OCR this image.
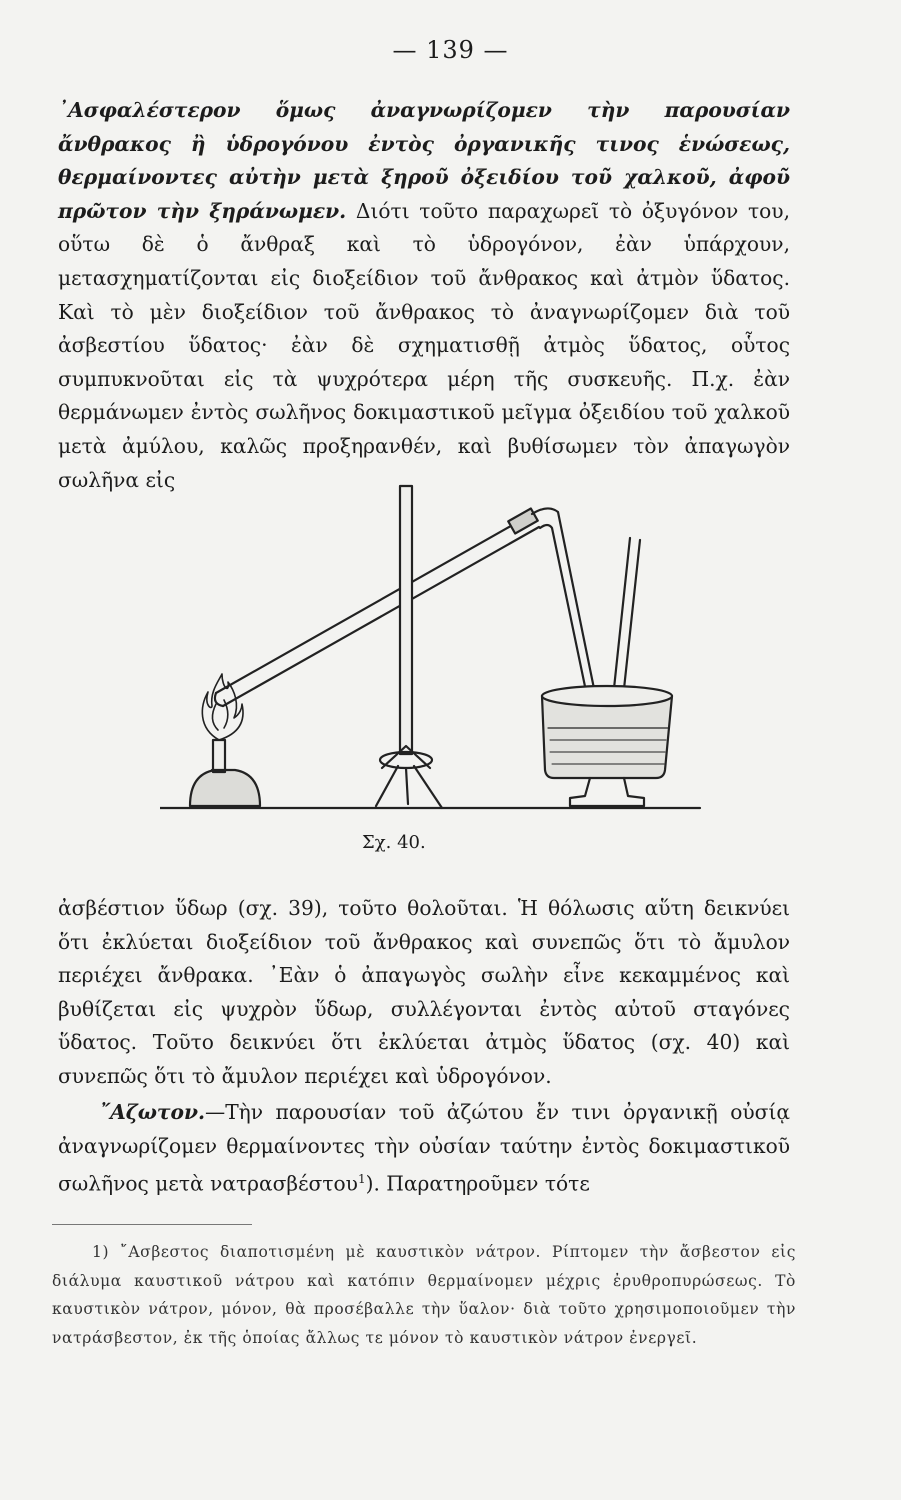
— 139 —

᾿Ασφαλέστερον ὅμως ἀναγνωρίζομεν τὴν παρουσίαν ἄνθρακος ἢ ὑδρογόνου ἐντὸς ὀργανικῆς τινος ἑνώσεως, θερμαίνοντες αὐτὴν μετὰ ξηροῦ ὀξειδίου τοῦ χαλκοῦ, ἀφοῦ πρῶτον τὴν ξηράνωμεν. Διότι τοῦτο παραχωρεῖ τὸ ὀξυγόνον του, οὕτω δὲ ὁ ἄνθραξ καὶ τὸ ὑδρογόνον, ἐὰν ὑπάρχουν, μετασχηματίζονται εἰς διοξείδιον τοῦ ἄνθρακος καὶ ἀτμὸν ὕδατος. Καὶ τὸ μὲν διοξείδιον τοῦ ἄνθρακος τὸ ἀναγνωρίζομεν διὰ τοῦ ἀσβεστίου ὕδατος· ἐὰν δὲ σχηματισθῇ ἀτμὸς ὕδατος, οὗτος συμπυκνοῦται εἰς τὰ ψυχρότερα μέρη τῆς συσκευῆς. Π.χ. ἐὰν θερμάνωμεν ἐντὸς σωλῆνος δοκιμαστικοῦ μεῖγμα ὀξειδίου τοῦ χαλκοῦ μετὰ ἀμύλου, καλῶς προξηρανθέν, καὶ βυθίσωμεν τὸν ἀπαγωγὸν σωλῆνα εἰς

Σχ. 40.

ἀσβέστιον ὕδωρ (σχ. 39), τοῦτο θολοῦται. Ἡ θόλωσις αὕτη δεικνύει ὅτι ἐκλύεται διοξείδιον τοῦ ἄνθρακος καὶ συνεπῶς ὅτι τὸ ἄμυλον περιέχει ἄνθρακα. ᾿Εὰν ὁ ἀπαγωγὸς σωλὴν εἶνε κεκαμμένος καὶ βυθίζεται εἰς ψυχρὸν ὕδωρ, συλλέγονται ἐντὸς αὐτοῦ σταγόνες ὕδατος. Τοῦτο δεικνύει ὅτι ἐκλύεται ἀτμὸς ὕδατος (σχ. 40) καὶ συνεπῶς ὅτι τὸ ἄμυλον περιέχει καὶ ὑδρογόνον.

῎Αζωτον.—Τὴν παρουσίαν τοῦ ἀζώτου ἔν τινι ὀργανικῇ οὐσίᾳ ἀναγνωρίζομεν θερμαίνοντες τὴν οὐσίαν ταύτην ἐντὸς δοκιμαστικοῦ σωλῆνος μετὰ νατρασβέστου$^1$). Παρατηροῦμεν τότε

1) ῎Ασβεστος διαποτισμένη μὲ καυστικὸν νάτρον. Ρίπτομεν τὴν ἄσβεστον εἰς διάλυμα καυστικοῦ νάτρου καὶ κατόπιν θερμαίνομεν μέχρις ἐρυθροπυρώσεως. Τὸ καυστικὸν νάτρον, μόνον, θὰ προσέβαλλε τὴν ὕαλον· διὰ τοῦτο χρησιμοποιοῦμεν τὴν νατράσβεστον, ἐκ τῆς ὁποίας ἄλλως τε μόνον τὸ καυστικὸν νάτρον ἐνεργεῖ.
